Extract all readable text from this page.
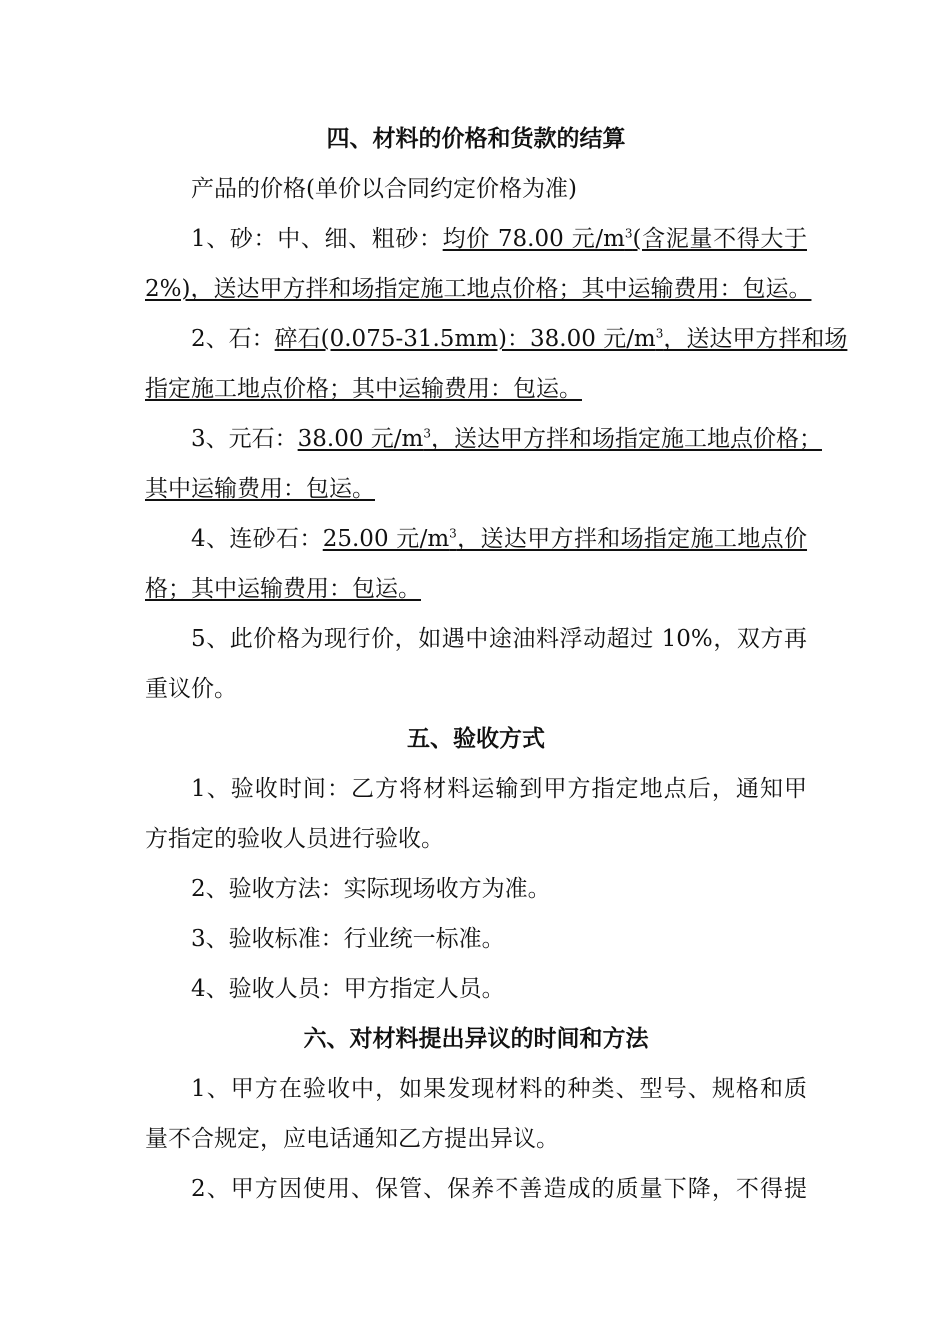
四、材料的价格和货款的结算
产品的价格(单价以合同约定价格为准)
1、砂：中、细、粗砂：均价 78.00 元$/m^3$(含泥量不得大于
2%)，送达甲方拌和场指定施工地点价格；其中运输费用：包运。
2、石：碎石(0.075-31.5mm)：38.00 元$/m^3$，送达甲方拌和场
指定施工地点价格；其中运输费用：包运。
3、元石：38.00 元$/m^3$，送达甲方拌和场指定施工地点价格；
其中运输费用：包运。
4、连砂石：25.00 元$/m^3$，送达甲方拌和场指定施工地点价
格；其中运输费用：包运。
5、此价格为现行价，如遇中途油料浮动超过 10%，双方再
重议价。
五、验收方式
1、验收时间：乙方将材料运输到甲方指定地点后，通知甲
方指定的验收人员进行验收。
2、验收方法：实际现场收方为准。
3、验收标准：行业统一标准。
4、验收人员：甲方指定人员。
六、对材料提出异议的时间和方法
1、甲方在验收中，如果发现材料的种类、型号、规格和质
量不合规定，应电话通知乙方提出异议。
2、甲方因使用、保管、保养不善造成的质量下降，不得提
